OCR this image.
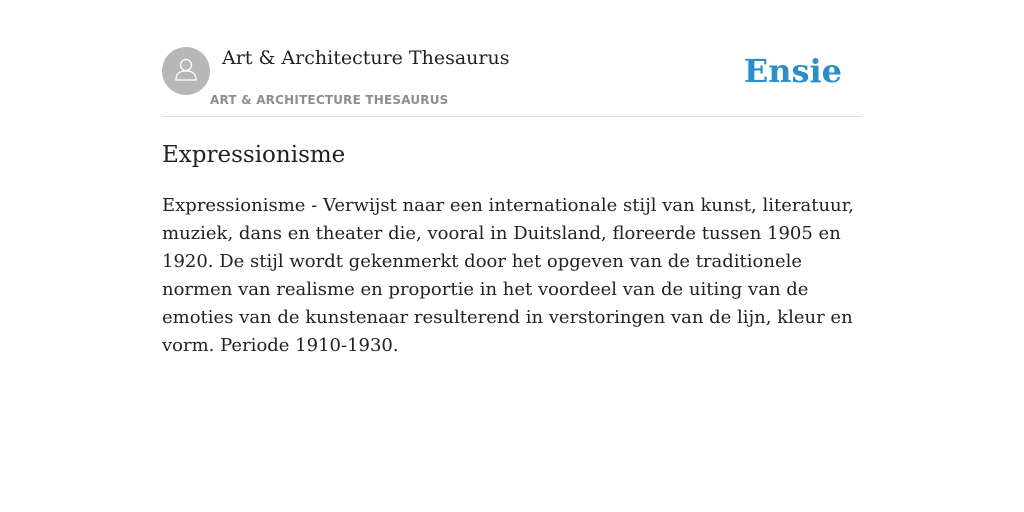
Art & Architecture Thesaurus
ART & ARCHITECTURE THESAURUS
Ensie
Expressionisme

Expressionisme - Verwijst naar een internationale stijl van kunst, literatuur, muziek, dans en theater die, vooral in Duitsland, floreerde tussen 1905 en 1920. De stijl wordt gekenmerkt door het opgeven van de traditionele normen van realisme en proportie in het voordeel van de uiting van de emoties van de kunstenaar resulterend in verstoringen van de lijn, kleur en vorm. Periode 1910-1930.
